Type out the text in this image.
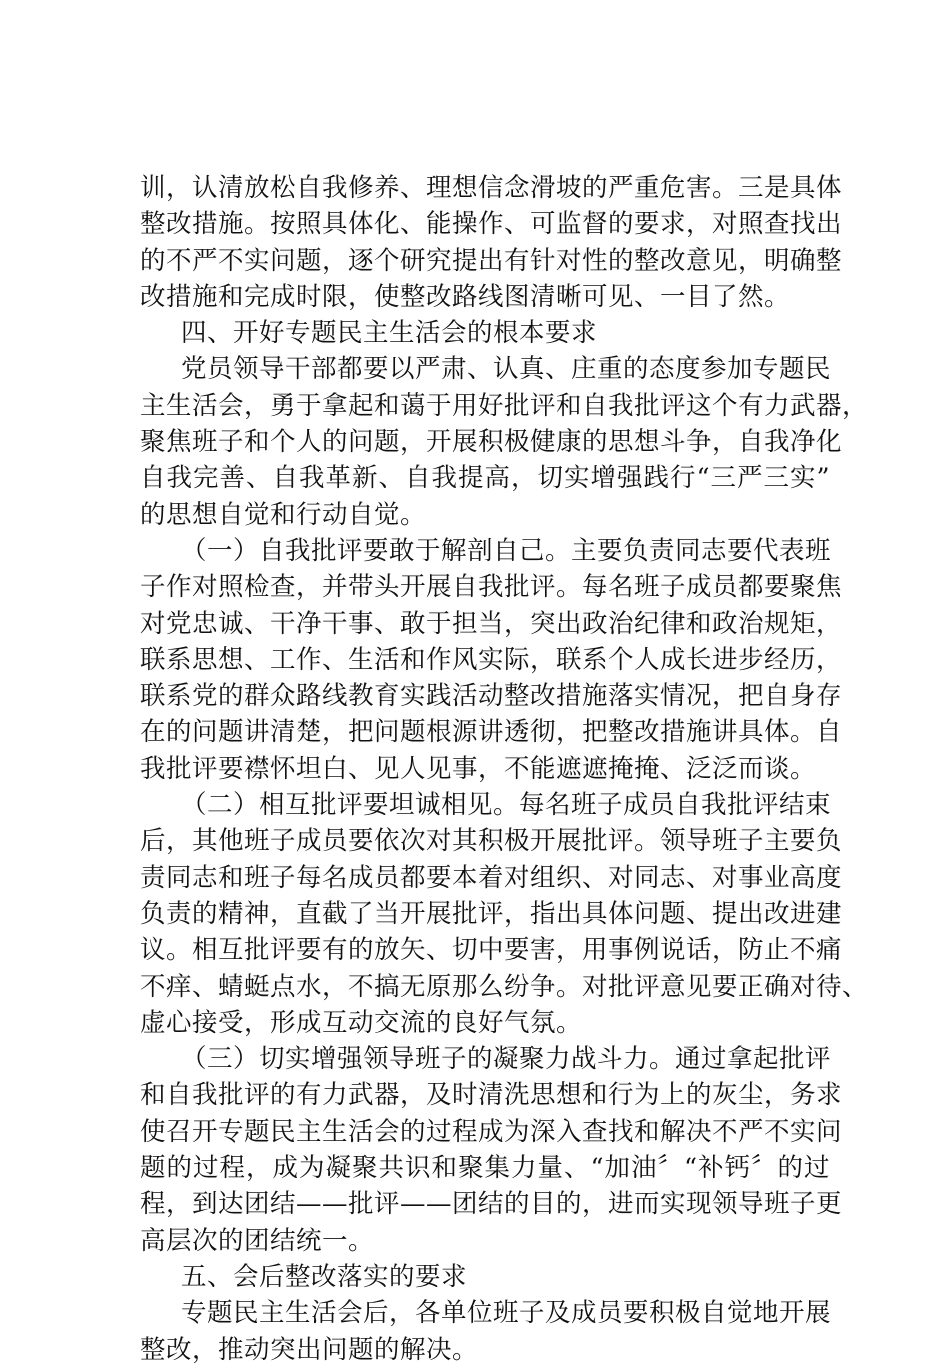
训，认清放松自我修养、理想信念滑坡的严重危害。三是具体
整改措施。按照具体化、能操作、可监督的要求，对照查找出
的不严不实问题，逐个研究提出有针对性的整改意见，明确整
改措施和完成时限，使整改路线图清晰可见、一目了然。
四、开好专题民主生活会的根本要求
党员领导干部都要以严肃、认真、庄重的态度参加专题民
主生活会，勇于拿起和蔼于用好批评和自我批评这个有力武器，
聚焦班子和个人的问题，开展积极健康的思想斗争，自我净化
自我完善、自我革新、自我提高，切实增强践行“三严三实”
的思想自觉和行动自觉。
（一）自我批评要敢于解剖自己。主要负责同志要代表班
子作对照检查，并带头开展自我批评。每名班子成员都要聚焦
对党忠诚、干净干事、敢于担当，突出政治纪律和政治规矩，
联系思想、工作、生活和作风实际，联系个人成长进步经历，
联系党的群众路线教育实践活动整改措施落实情况，把自身存
在的问题讲清楚，把问题根源讲透彻，把整改措施讲具体。自
我批评要襟怀坦白、见人见事，不能遮遮掩掩、泛泛而谈。
（二）相互批评要坦诚相见。每名班子成员自我批评结束
后，其他班子成员要依次对其积极开展批评。领导班子主要负
责同志和班子每名成员都要本着对组织、对同志、对事业高度
负责的精神，直截了当开展批评，指出具体问题、提出改进建
议。相互批评要有的放矢、切中要害，用事例说话，防止不痛
不痒、蜻蜓点水，不搞无原那么纷争。对批评意见要正确对待、
虚心接受，形成互动交流的良好气氛。
（三）切实增强领导班子的凝聚力战斗力。通过拿起批评
和自我批评的有力武器，及时清洗思想和行为上的灰尘，务求
使召开专题民主生活会的过程成为深入查找和解决不严不实问
题的过程，成为凝聚共识和聚集力量、“加油〞“补钙〞的过
程，到达团结——批评——团结的目的，进而实现领导班子更
高层次的团结统一。
五、会后整改落实的要求
专题民主生活会后，各单位班子及成员要积极自觉地开展
整改，推动突出问题的解决。
